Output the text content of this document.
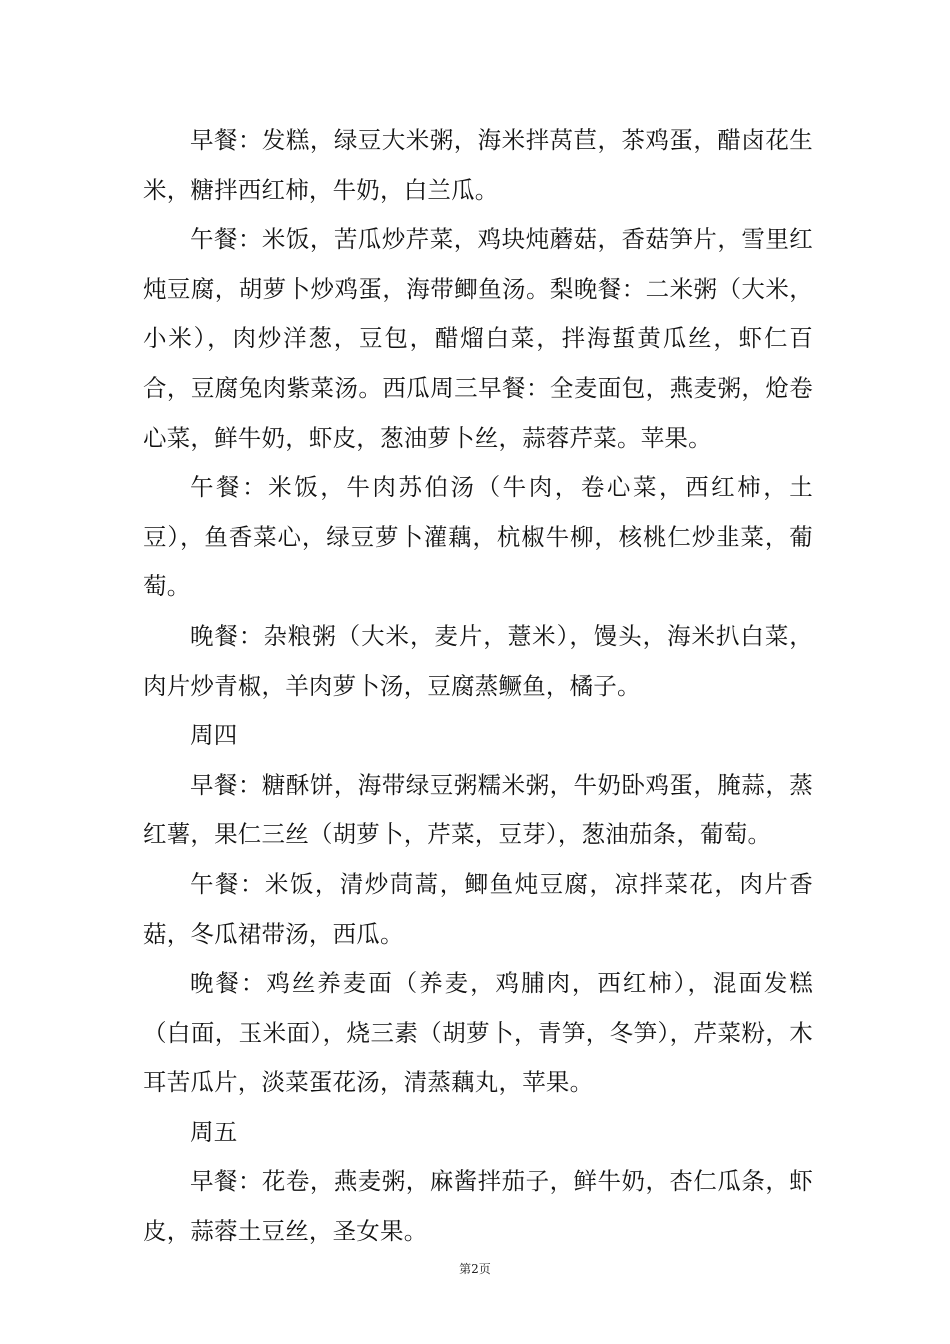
早餐：发糕，绿豆大米粥，海米拌莴苣，茶鸡蛋，醋卤花生米，糖拌西红柿，牛奶，白兰瓜。

午餐：米饭，苦瓜炒芹菜，鸡块炖蘑菇，香菇笋片，雪里红炖豆腐，胡萝卜炒鸡蛋，海带鲫鱼汤。梨晚餐：二米粥（大米，小米），肉炒洋葱，豆包，醋熘白菜，拌海蜇黄瓜丝，虾仁百合，豆腐兔肉紫菜汤。西瓜周三早餐：全麦面包，燕麦粥，炝卷心菜，鲜牛奶，虾皮，葱油萝卜丝，蒜蓉芹菜。苹果。

午餐：米饭，牛肉苏伯汤（牛肉，卷心菜，西红柿，土豆），鱼香菜心，绿豆萝卜灌藕，杭椒牛柳，核桃仁炒韭菜，葡萄。

晚餐：杂粮粥（大米，麦片，薏米），馒头，海米扒白菜，肉片炒青椒，羊肉萝卜汤，豆腐蒸鳜鱼，橘子。

周四

早餐：糖酥饼，海带绿豆粥糯米粥，牛奶卧鸡蛋，腌蒜，蒸红薯，果仁三丝（胡萝卜，芹菜，豆芽），葱油茄条，葡萄。

午餐：米饭，清炒茼蒿，鲫鱼炖豆腐，凉拌菜花，肉片香菇，冬瓜裙带汤，西瓜。

晚餐：鸡丝养麦面（养麦，鸡脯肉，西红柿），混面发糕（白面，玉米面），烧三素（胡萝卜，青笋，冬笋），芹菜粉，木耳苦瓜片，淡菜蛋花汤，清蒸藕丸，苹果。

周五

早餐：花卷，燕麦粥，麻酱拌茄子，鲜牛奶，杏仁瓜条，虾皮，蒜蓉土豆丝，圣女果。

第2页
